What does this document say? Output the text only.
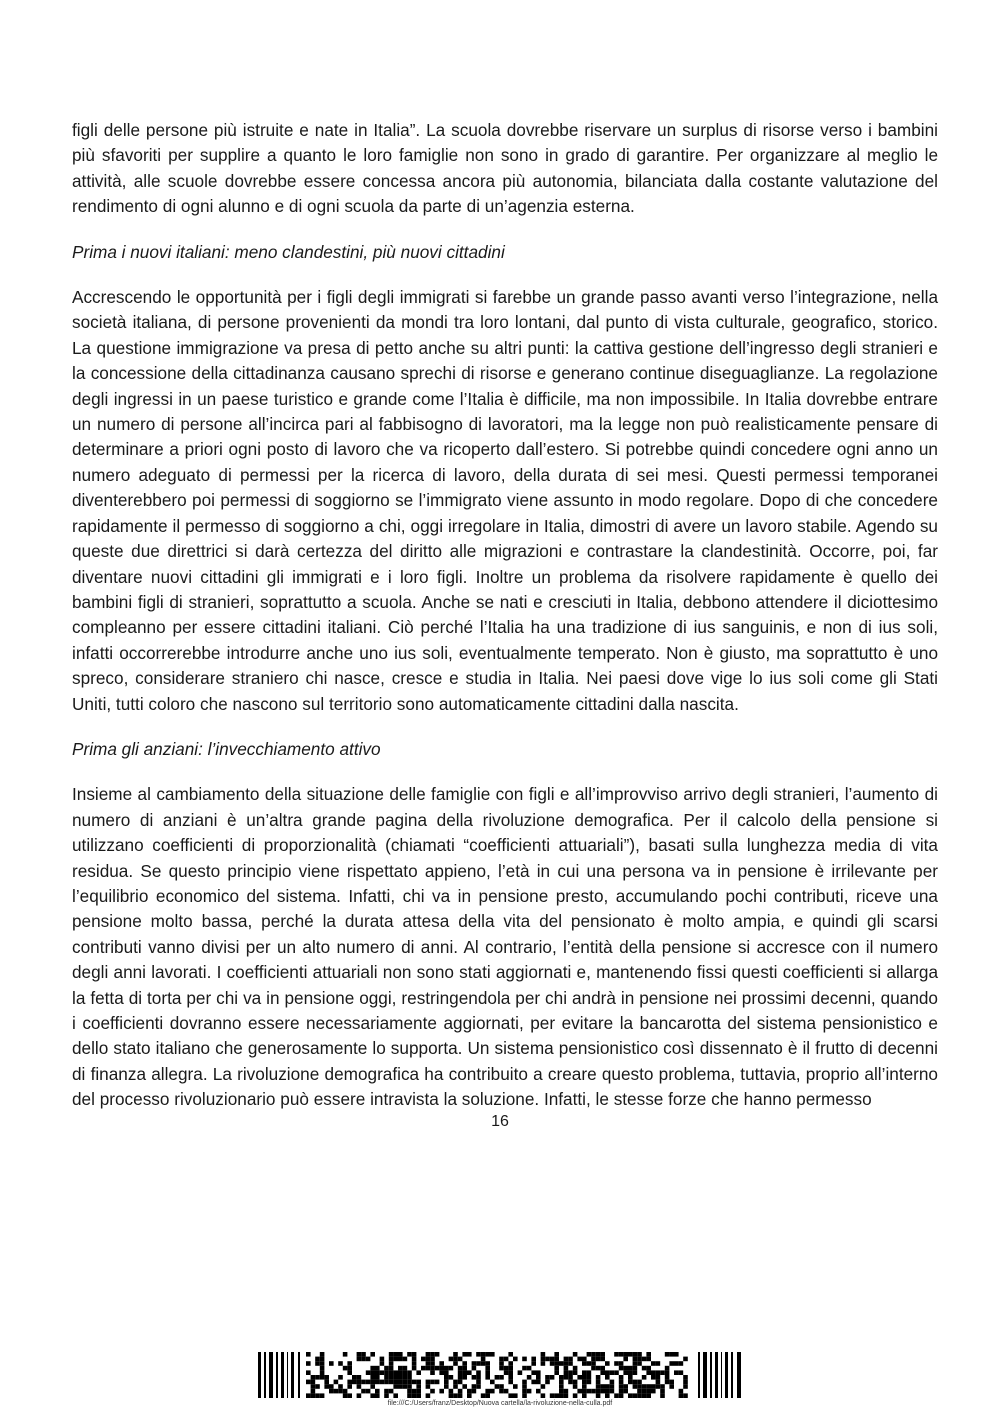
figli delle persone più istruite e nate in Italia”. La scuola dovrebbe riservare un surplus di risorse verso i bambini più sfavoriti per supplire a quanto le loro famiglie non sono in grado di garantire. Per organizzare al meglio le attività, alle scuole dovrebbe essere concessa ancora più autonomia, bilanciata dalla costante valutazione del rendimento di ogni alunno e di ogni scuola da parte di un’agenzia esterna.

Prima i nuovi italiani: meno clandestini, più nuovi cittadini

Accrescendo le opportunità per i figli degli immigrati si farebbe un grande passo avanti verso l’integrazione, nella società italiana, di persone provenienti da mondi tra loro lontani, dal punto di vista culturale, geografico, storico. La questione immigrazione va presa di petto anche su altri punti: la cattiva gestione dell’ingresso degli stranieri e la concessione della cittadinanza causano sprechi di risorse e generano continue diseguaglianze. La regolazione degli ingressi in un paese turistico e grande come l’Italia è difficile, ma non impossibile. In Italia dovrebbe entrare un numero di persone all’incirca pari al fabbisogno di lavoratori, ma la legge non può realisticamente pensare di determinare a priori ogni posto di lavoro che va ricoperto dall’estero. Si potrebbe quindi concedere ogni anno un numero adeguato di permessi per la ricerca di lavoro, della durata di sei mesi. Questi permessi temporanei diventerebbero poi permessi di soggiorno se l’immigrato viene assunto in modo regolare. Dopo di che concedere rapidamente il permesso di soggiorno a chi, oggi irregolare in Italia, dimostri di avere un lavoro stabile. Agendo su queste due direttrici si darà certezza del diritto alle migrazioni e contrastare la clandestinità. Occorre, poi, far diventare nuovi cittadini gli immigrati e i loro figli. Inoltre un problema da risolvere rapidamente è quello dei bambini figli di stranieri, soprattutto a scuola. Anche se nati e cresciuti in Italia, debbono attendere il diciottesimo compleanno per essere cittadini italiani. Ciò perché l’Italia ha una tradizione di ius sanguinis, e non di ius soli, infatti occorrerebbe introdurre anche uno ius soli, eventualmente temperato. Non è giusto, ma soprattutto è uno spreco, considerare straniero chi nasce, cresce e studia in Italia. Nei paesi dove vige lo ius soli come gli Stati Uniti, tutti coloro che nascono sul territorio sono automaticamente cittadini dalla nascita.

Prima gli anziani: l’invecchiamento attivo

Insieme al cambiamento della situazione delle famiglie con figli e all’improvviso arrivo degli stranieri, l’aumento di numero di anziani è un’altra grande pagina della rivoluzione demografica. Per il calcolo della pensione si utilizzano coefficienti di proporzionalità (chiamati “coefficienti attuariali”), basati sulla lunghezza media di vita residua. Se questo principio viene rispettato appieno, l’età in cui una persona va in pensione è irrilevante per l’equilibrio economico del sistema. Infatti, chi va in pensione presto, accumulando pochi contributi, riceve una pensione molto bassa, perché la durata attesa della vita del pensionato è molto ampia, e quindi gli scarsi contributi vanno divisi per un alto numero di anni. Al contrario, l’entità della pensione si accresce con il numero degli anni lavorati. I coefficienti attuariali non sono stati aggiornati e, mantenendo fissi questi coefficienti si allarga la fetta di torta per chi va in pensione oggi, restringendola per chi andrà in pensione nei prossimi decenni, quando i coefficienti dovranno essere necessariamente aggiornati, per evitare la bancarotta del sistema pensionistico e dello stato italiano che generosamente lo supporta. Un sistema pensionistico così dissennato è il frutto di decenni di finanza allegra. La rivoluzione demografica ha contribuito a creare questo problema, tuttavia, proprio all’interno del processo rivoluzionario può essere intravista la soluzione. Infatti, le stesse forze che hanno permesso

16
file:///C:/Users/franz/Desktop/Nuova cartella/la-rivoluzione-nella-culla.pdf
